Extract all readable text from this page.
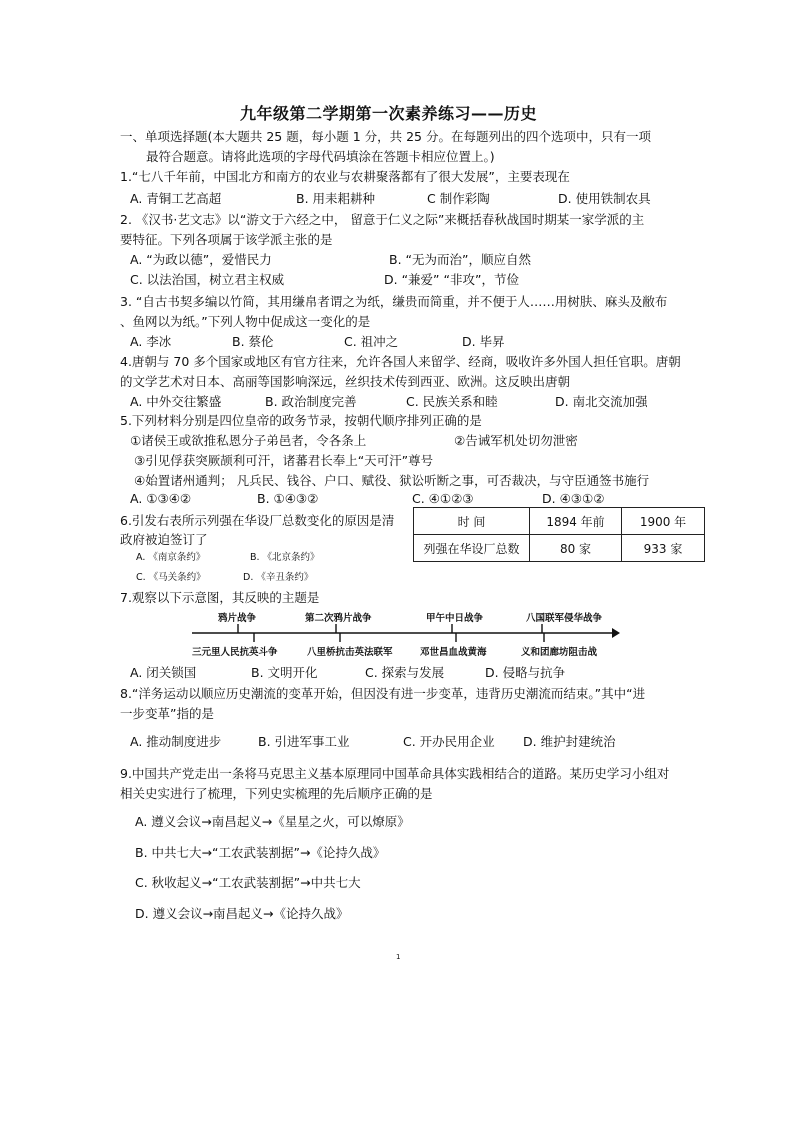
九年级第二学期第一次素养练习——历史
一、单项选择题(本大题共 25 题，每小题 1 分，共 25 分。在每题列出的四个选项中，只有一项
最符合题意。请将此选项的字母代码填涂在答题卡相应位置上。)
1.“七八千年前，中国北方和南方的农业与农耕聚落都有了很大发展”，主要表现在
A. 青铜工艺高超	B. 用耒耜耕种	C 制作彩陶	D. 使用铁制农具
2. 《汉书·艺文志》以“游文于六经之中， 留意于仁义之际”来概括春秋战国时期某一家学派的主
要特征。下列各项属于该学派主张的是
A. “为政以德”，爱惜民力	B. “无为而治”，顺应自然
C. 以法治国，树立君主权威	D. “兼爱” “非攻”，节俭
3. “自古书契多编以竹简，其用缣帛者谓之为纸，缣贵而简重，并不便于人……用树肤、麻头及敝布
、鱼网以为纸。”下列人物中促成这一变化的是
A. 李冰	B. 蔡伦	C. 祖冲之	D. 毕昇
4.唐朝与 70 多个国家或地区有官方往来，允许各国人来留学、经商，吸收许多外国人担任官职。唐朝
的文学艺术对日本、高丽等国影响深远，丝织技术传到西亚、欧洲。这反映出唐朝
A. 中外交往繁盛	B. 政治制度完善	C. 民族关系和睦	D. 南北交流加强
5.下列材料分别是四位皇帝的政务节录，按朝代顺序排列正确的是
①诸侯王或欲推私恩分子弟邑者，令各条上	②告诫军机处切勿泄密
③引见俘获突厥颉利可汗，诸蕃君长奉上“天可汗”尊号
④始置诸州通判； 凡兵民、钱谷、户口、赋役、狱讼听断之事，可否裁决，与守臣通签书施行
A. ①③④②	B. ①④③②	C. ④①②③	D. ④③①②
6.引发右表所示列强在华设厂总数变化的原因是清
政府被迫签订了
A. 《南京条约》	B. 《北京条约》
C. 《马关条约》	D. 《辛丑条约》
时 间	1894 年前	1900 年
列强在华设厂总数	80 家	933 家
7.观察以下示意图，其反映的主题是
鸦片战争	第二次鸦片战争	甲午中日战争	八国联军侵华战争
三元里人民抗英斗争	八里桥抗击英法联军	邓世昌血战黄海	义和团廊坊阻击战
A. 闭关锁国	B. 文明开化	C. 探索与发展	D. 侵略与抗争
8.“洋务运动以顺应历史潮流的变革开始，但因没有进一步变革，违背历史潮流而结束。”其中“进
一步变革”指的是
A. 推动制度进步	B. 引进军事工业	C. 开办民用企业 D. 维护封建统治
9.中国共产党走出一条将马克思主义基本原理同中国革命具体实践相结合的道路。某历史学习小组对
相关史实进行了梳理，下列史实梳理的先后顺序正确的是
A. 遵义会议→南昌起义→《星星之火，可以燎原》
B. 中共七大→“工农武装割据”→《论持久战》
C. 秋收起义→“工农武装割据”→中共七大
D. 遵义会议→南昌起义→《论持久战》
1
